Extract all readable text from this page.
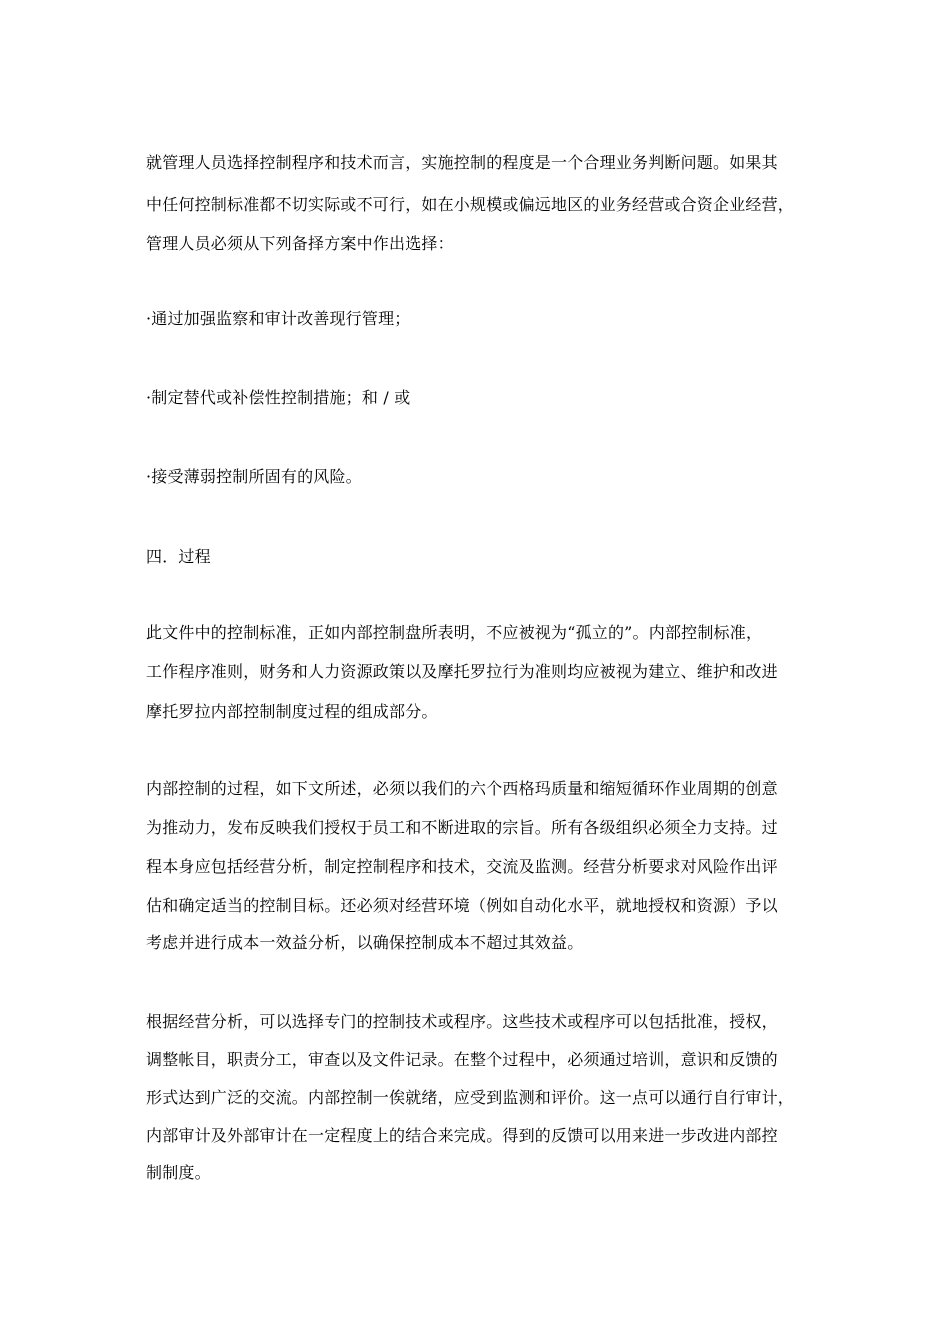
就管理人员选择控制程序和技术而言，实施控制的程度是一个合理业务判断问题。如果其

中任何控制标准都不切实际或不可行，如在小规模或偏远地区的业务经营或合资企业经营，

管理人员必须从下列备择方案中作出选择：

·通过加强监察和审计改善现行管理；

·制定替代或补偿性控制措施；和 / 或

·接受薄弱控制所固有的风险。

四．过程

此文件中的控制标准，正如内部控制盘所表明，不应被视为“孤立的”。内部控制标准，

工作程序准则，财务和人力资源政策以及摩托罗拉行为准则均应被视为建立、维护和改进

摩托罗拉内部控制制度过程的组成部分。

内部控制的过程，如下文所述，必须以我们的六个西格玛质量和缩短循环作业周期的创意

为推动力，发布反映我们授权于员工和不断进取的宗旨。所有各级组织必须全力支持。过

程本身应包括经营分析，制定控制程序和技术，交流及监测。经营分析要求对风险作出评

估和确定适当的控制目标。还必须对经营环境（例如自动化水平，就地授权和资源）予以

考虑并进行成本一效益分析，以确保控制成本不超过其效益。

根据经营分析，可以选择专门的控制技术或程序。这些技术或程序可以包括批准，授权，

调整帐目，职责分工，审查以及文件记录。在整个过程中，必须通过培训，意识和反馈的

形式达到广泛的交流。内部控制一俟就绪，应受到监测和评价。这一点可以通行自行审计，

内部审计及外部审计在一定程度上的结合来完成。得到的反馈可以用来进一步改进内部控

制制度。
